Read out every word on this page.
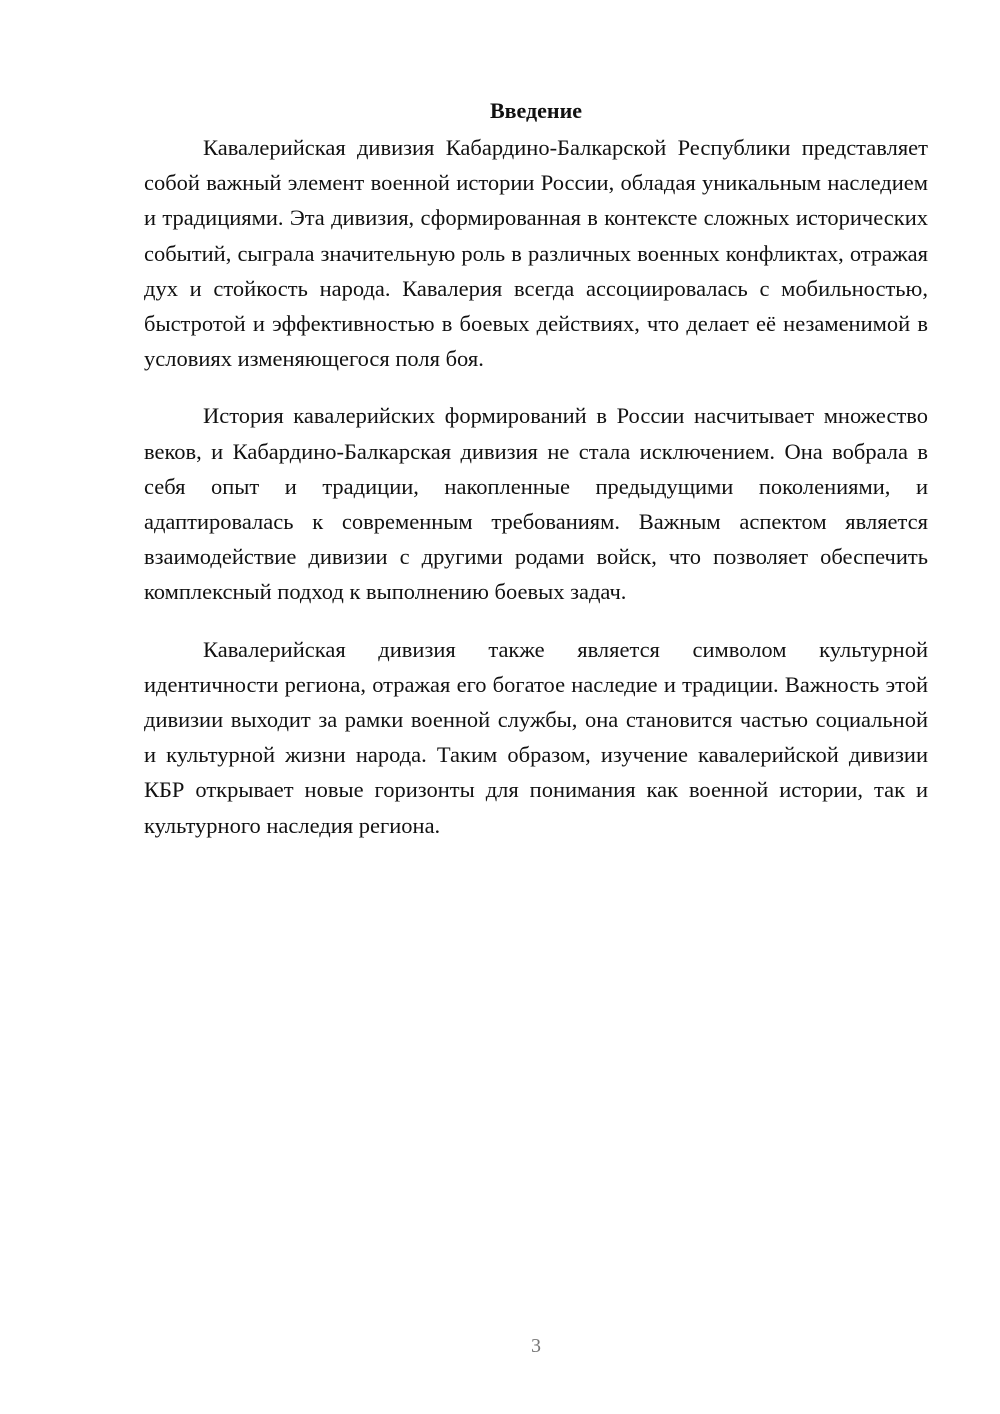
Введение

Кавалерийская дивизия Кабардино-Балкарской Республики представляет собой важный элемент военной истории России, обладая уникальным наследием и традициями. Эта дивизия, сформированная в контексте сложных исторических событий, сыграла значительную роль в различных военных конфликтах, отражая дух и стойкость народа. Кавалерия всегда ассоциировалась с мобильностью, быстротой и эффективностью в боевых действиях, что делает её незаменимой в условиях изменяющегося поля боя.

История кавалерийских формирований в России насчитывает множество веков, и Кабардино-Балкарская дивизия не стала исключением. Она вобрала в себя опыт и традиции, накопленные предыдущими поколениями, и адаптировалась к современным требованиям. Важным аспектом является взаимодействие дивизии с другими родами войск, что позволяет обеспечить комплексный подход к выполнению боевых задач.

Кавалерийская дивизия также является символом культурной идентичности региона, отражая его богатое наследие и традиции. Важность этой дивизии выходит за рамки военной службы, она становится частью социальной и культурной жизни народа. Таким образом, изучение кавалерийской дивизии КБР открывает новые горизонты для понимания как военной истории, так и культурного наследия региона.

3
